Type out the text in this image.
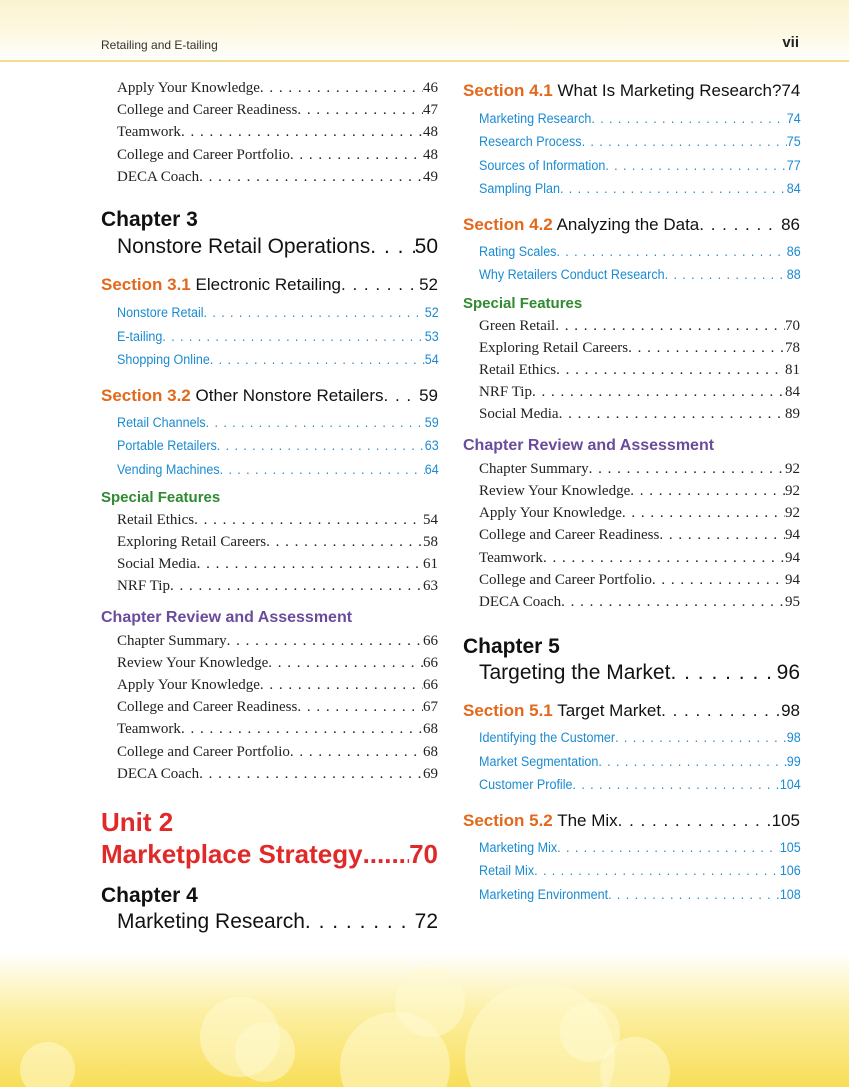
Retailing and E-tailing	vii
Apply Your Knowledge . . .	46
College and Career Readiness . . .	47
Teamwork . . .	48
College and Career Portfolio . . .	48
DECA Coach . . .	49
Chapter 3
Nonstore Retail Operations . . . 50
Section 3.1 Electronic Retailing . . .	52
Nonstore Retail . . .	52
E-tailing . . .	53
Shopping Online . . .	54
Section 3.2 Other Nonstore Retailers . . . 59
Retail Channels . . .	59
Portable Retailers . . .	63
Vending Machines . . .	64
Special Features
Retail Ethics . . .	54
Exploring Retail Careers . . .	58
Social Media . . .	61
NRF Tip . . .	63
Chapter Review and Assessment
Chapter Summary . . .	66
Review Your Knowledge . . .	66
Apply Your Knowledge . . .	66
College and Career Readiness . . .	67
Teamwork . . .	68
College and Career Portfolio . . .	68
DECA Coach . . .	69
Unit 2
Marketplace Strategy ..... 70
Chapter 4
Marketing Research . . .	72
Section 4.1 What Is Marketing Research? 74
Marketing Research . . .	74
Research Process . . .	75
Sources of Information . . .	77
Sampling Plan . . .	84
Section 4.2 Analyzing the Data . . .	86
Rating Scales . . .	86
Why Retailers Conduct Research . . .	88
Special Features
Green Retail . . .	70
Exploring Retail Careers . . .	78
Retail Ethics . . .	81
NRF Tip . . .	84
Social Media . . .	89
Chapter Review and Assessment
Chapter Summary . . .	92
Review Your Knowledge . . .	92
Apply Your Knowledge . . .	92
College and Career Readiness . . .	94
Teamwork . . .	94
College and Career Portfolio . . .	94
DECA Coach . . .	95
Chapter 5
Targeting the Market . . .	96
Section 5.1 Target Market . . .	98
Identifying the Customer . . .	98
Market Segmentation . . .	99
Customer Profile . . .	104
Section 5.2 The Mix . . .	105
Marketing Mix . . .	105
Retail Mix . . .	106
Marketing Environment . . .	108
